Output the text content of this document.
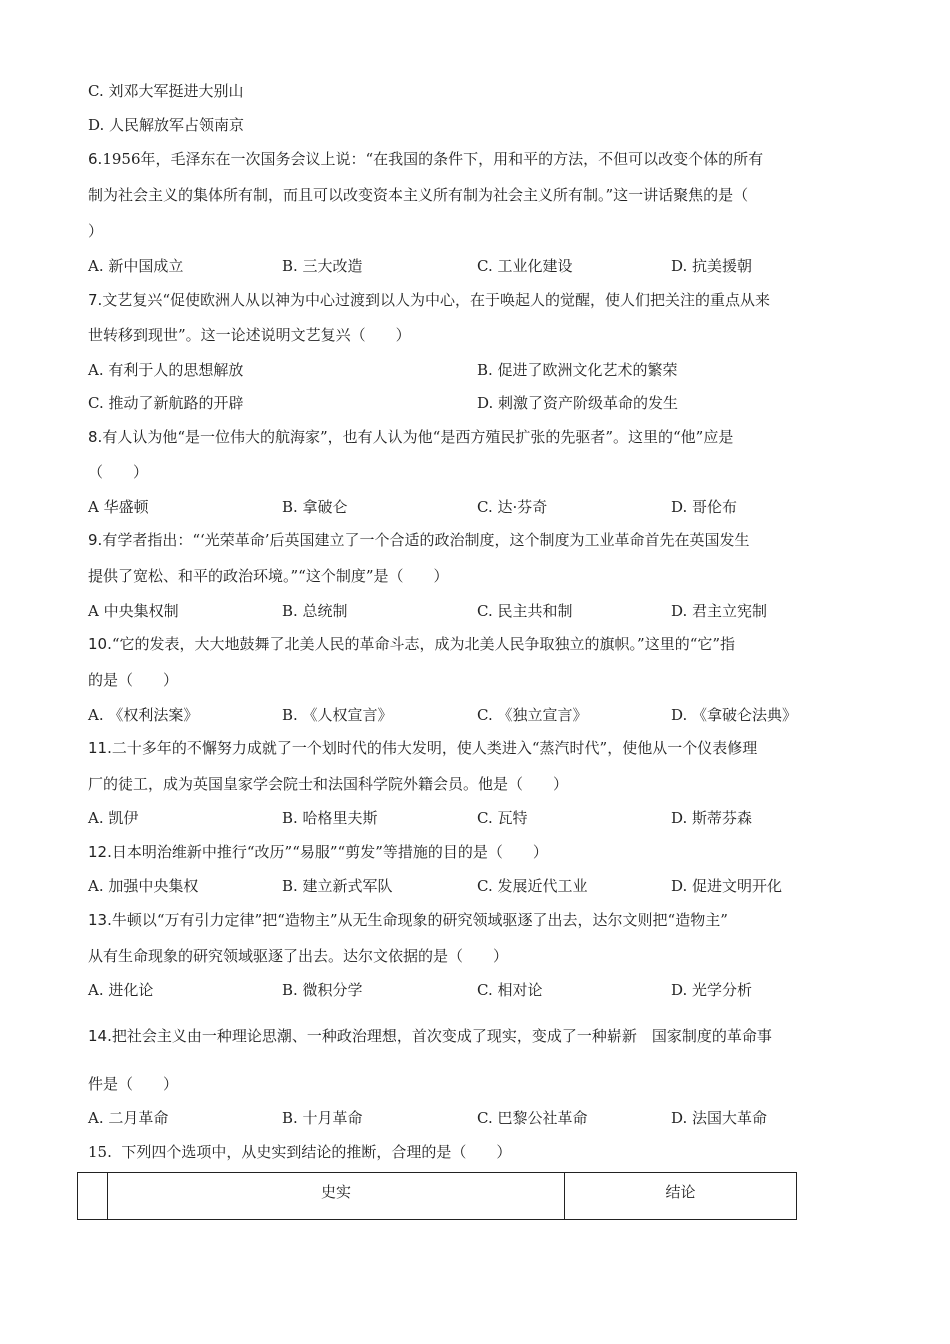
C. 刘邓大军挺进大别山
D. 人民解放军占领南京
6.1956年，毛泽东在一次国务会议上说：“在我国的条件下，用和平的方法，不但可以改变个体的所有
制为社会主义的集体所有制，而且可以改变资本主义所有制为社会主义所有制。”这一讲话聚焦的是（
）
A. 新中国成立	B. 三大改造	C. 工业化建设	D. 抗美援朝
7.文艺复兴“促使欧洲人从以神为中心过渡到以人为中心，在于唤起人的觉醒，使人们把关注的重点从来
世转移到现世”。这一论述说明文艺复兴（　　）
A. 有利于人的思想解放	B. 促进了欧洲文化艺术的繁荣
C. 推动了新航路的开辟	D. 刺激了资产阶级革命的发生
8.有人认为他“是一位伟大的航海家”，也有人认为他“是西方殖民扩张的先驱者”。这里的“他”应是
（　　）
A 华盛顿	B. 拿破仑	C. 达·芬奇	D. 哥伦布
9.有学者指出：“‘光荣革命’后英国建立了一个合适的政治制度，这个制度为工业革命首先在英国发生
提供了宽松、和平的政治环境。”“这个制度”是（　　）
A 中央集权制	B. 总统制	C. 民主共和制	D. 君主立宪制
10.“它的发表，大大地鼓舞了北美人民的革命斗志，成为北美人民争取独立的旗帜。”这里的“它”指
的是（　　）
A. 《权利法案》	B. 《人权宣言》	C. 《独立宣言》	D. 《拿破仑法典》
11.二十多年的不懈努力成就了一个划时代的伟大发明，使人类进入“蒸汽时代”，使他从一个仪表修理
厂的徒工，成为英国皇家学会院士和法国科学院外籍会员。他是（　　）
A. 凯伊	B. 哈格里夫斯	C. 瓦特	D. 斯蒂芬森
12.日本明治维新中推行“改历”“易服”“剪发”等措施的目的是（　　）
A. 加强中央集权	B. 建立新式军队	C. 发展近代工业	D. 促进文明开化
13.牛顿以“万有引力定律”把“造物主”从无生命现象的研究领域驱逐了出去，达尔文则把“造物主”
从有生命现象的研究领域驱逐了出去。达尔文依据的是（　　）
A. 进化论	B. 微积分学	C. 相对论	D. 光学分析
14.把社会主义由一种理论思潮、一种政治理想，首次变成了现实，变成了一种崭新　国家制度的革命事
件是（　　）
A. 二月革命	B. 十月革命	C. 巴黎公社革命	D. 法国大革命
15. 下列四个选项中，从史实到结论的推断，合理的是（　　）
	史实	结论
